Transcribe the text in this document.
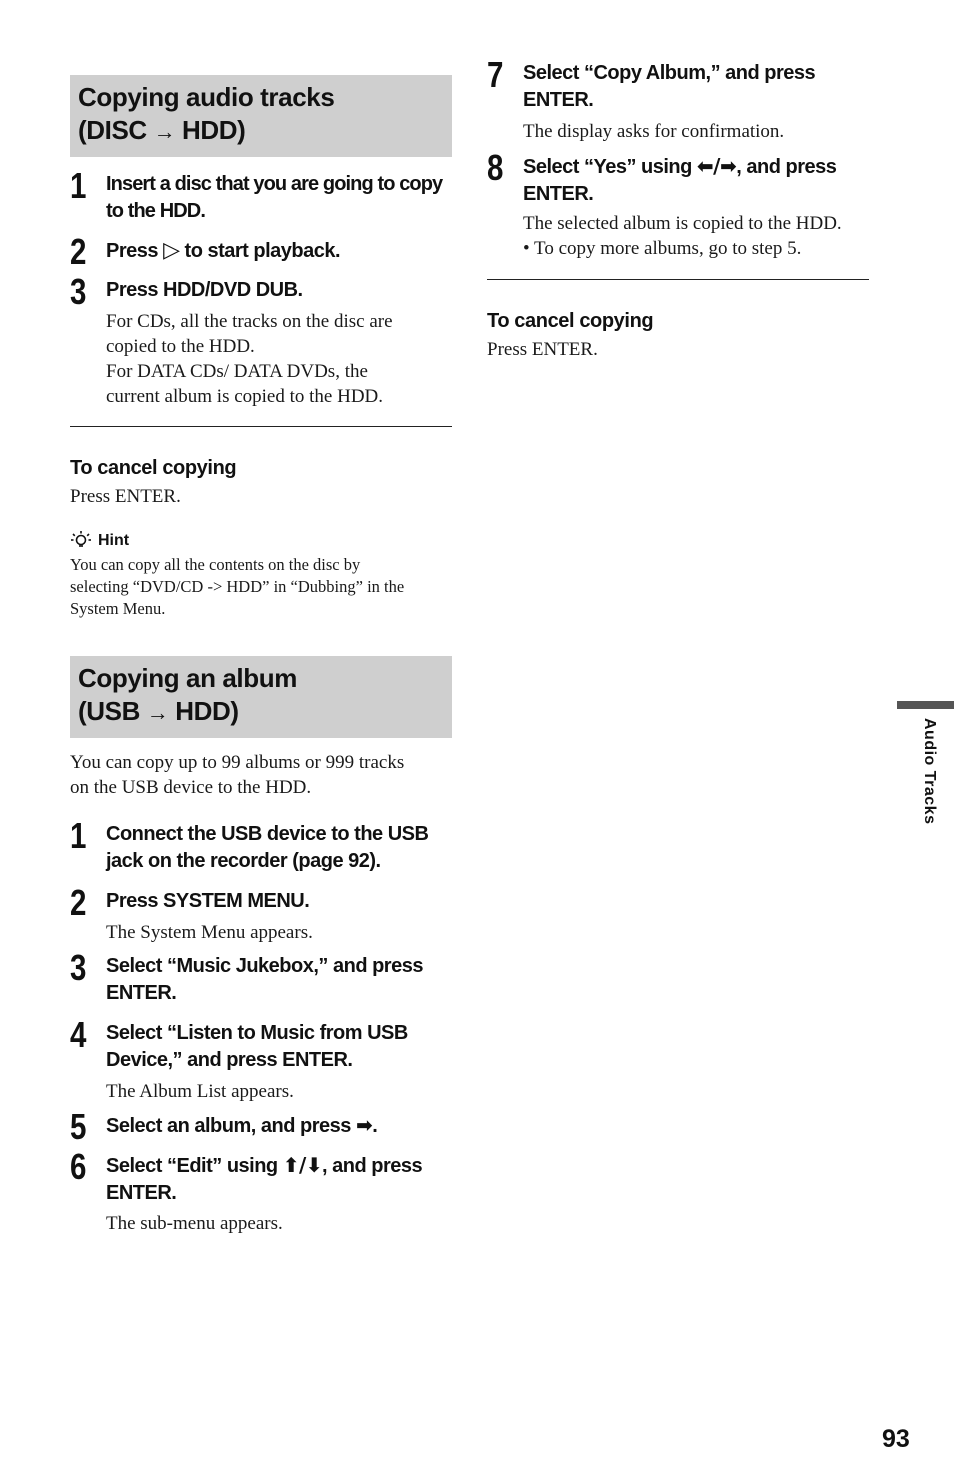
Copying audio tracks
(DISC → HDD)
1 Insert a disc that you are going to copy
to the HDD.
2 Press ▷ to start playback.
3 Press HDD/DVD DUB.
For CDs, all the tracks on the disc are
copied to the HDD.
For DATA CDs/ DATA DVDs, the
current album is copied to the HDD.
To cancel copying
Press ENTER.
Hint
You can copy all the contents on the disc by
selecting “DVD/CD -> HDD” in “Dubbing” in the
System Menu.
Copying an album
(USB → HDD)
You can copy up to 99 albums or 999 tracks
on the USB device to the HDD.
1 Connect the USB device to the USB
jack on the recorder (page 92).
2 Press SYSTEM MENU.
The System Menu appears.
3 Select “Music Jukebox,” and press
ENTER.
4 Select “Listen to Music from USB
Device,” and press ENTER.
The Album List appears.
5 Select an album, and press ➡.
6 Select “Edit” using ⬆/⬇, and press
ENTER.
The sub-menu appears.
7 Select “Copy Album,” and press
ENTER.
The display asks for confirmation.
8 Select “Yes” using ⬅/➡, and press
ENTER.
The selected album is copied to the HDD.
• To copy more albums, go to step 5.
To cancel copying
Press ENTER.
Audio Tracks
93
